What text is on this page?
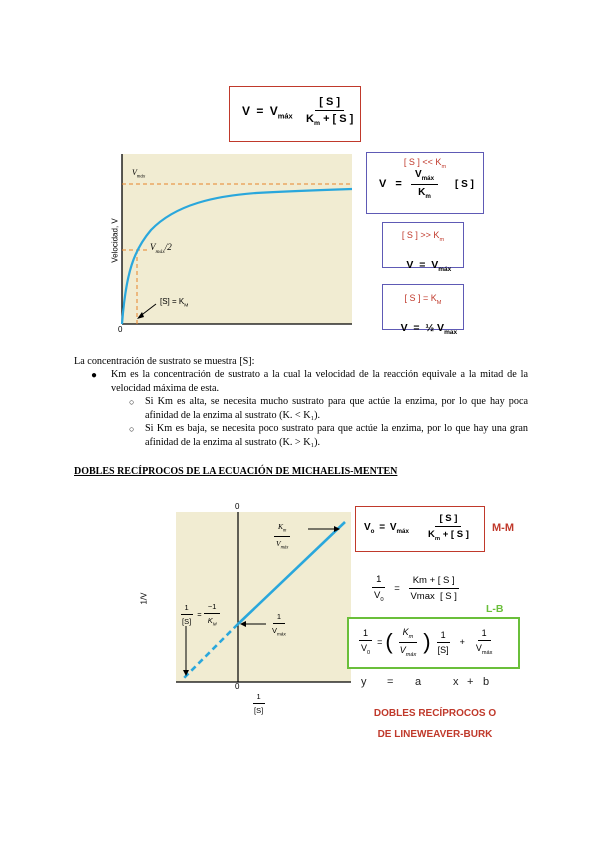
$V = V_{máx} \frac{[ S ]}{K_m + [ S ]}$
$V_{máx}$
$V_{máx}/2$
$[S] = K_M$
Velocidad, V
0
[ S ] << $K_m$
V =
$V_{máx}$
$K_m$
[ S ]
[ S ] >> $K_m$

$V = V_{máx}$

[ S ] = $K_M$

V  =  ½ $V_{max}$

La concentración de sustrato se muestra [S]:
● Km es la concentración de sustrato a la cual la velocidad de la reacción equivale a la mitad de la velocidad máxima de esta.
○ Si Km es alta, se necesita mucho sustrato para que actúe la enzima, por lo que hay poca afinidad de la enzima al sustrato (K. < K₁).
○ Si Km es baja, se necesita poco sustrato para que actúe la enzima, por lo que hay una gran afinidad de la enzima al sustrato (K. > K₁).
DOBLES RECÍPROCOS DE LA ECUACIÓN DE MICHAELIS-MENTEN
$K_m$
$V_{máx}$
1
$V_{máx}$
$\frac{1}{[S]} = \frac{-1}{K_M}$
0
0
$\frac{1}{[S]}$
1/V
$V_o = V_{máx} \frac{[ S ]}{K_m + [ S ]} M-M$
$\frac{1}{V_0} = \frac{Km + [ S ]}{Vmax [ S ]}$
L-B
$\frac{1}{V_0}$ = ( $\frac{K_m}{V_{máx}}$ ) $\frac{1}{[S]} + \frac{1}{V_{máx}}$
y = a	x + b
DOBLES RECÍPROCOS O
DE LINEWEAVER-BURK
